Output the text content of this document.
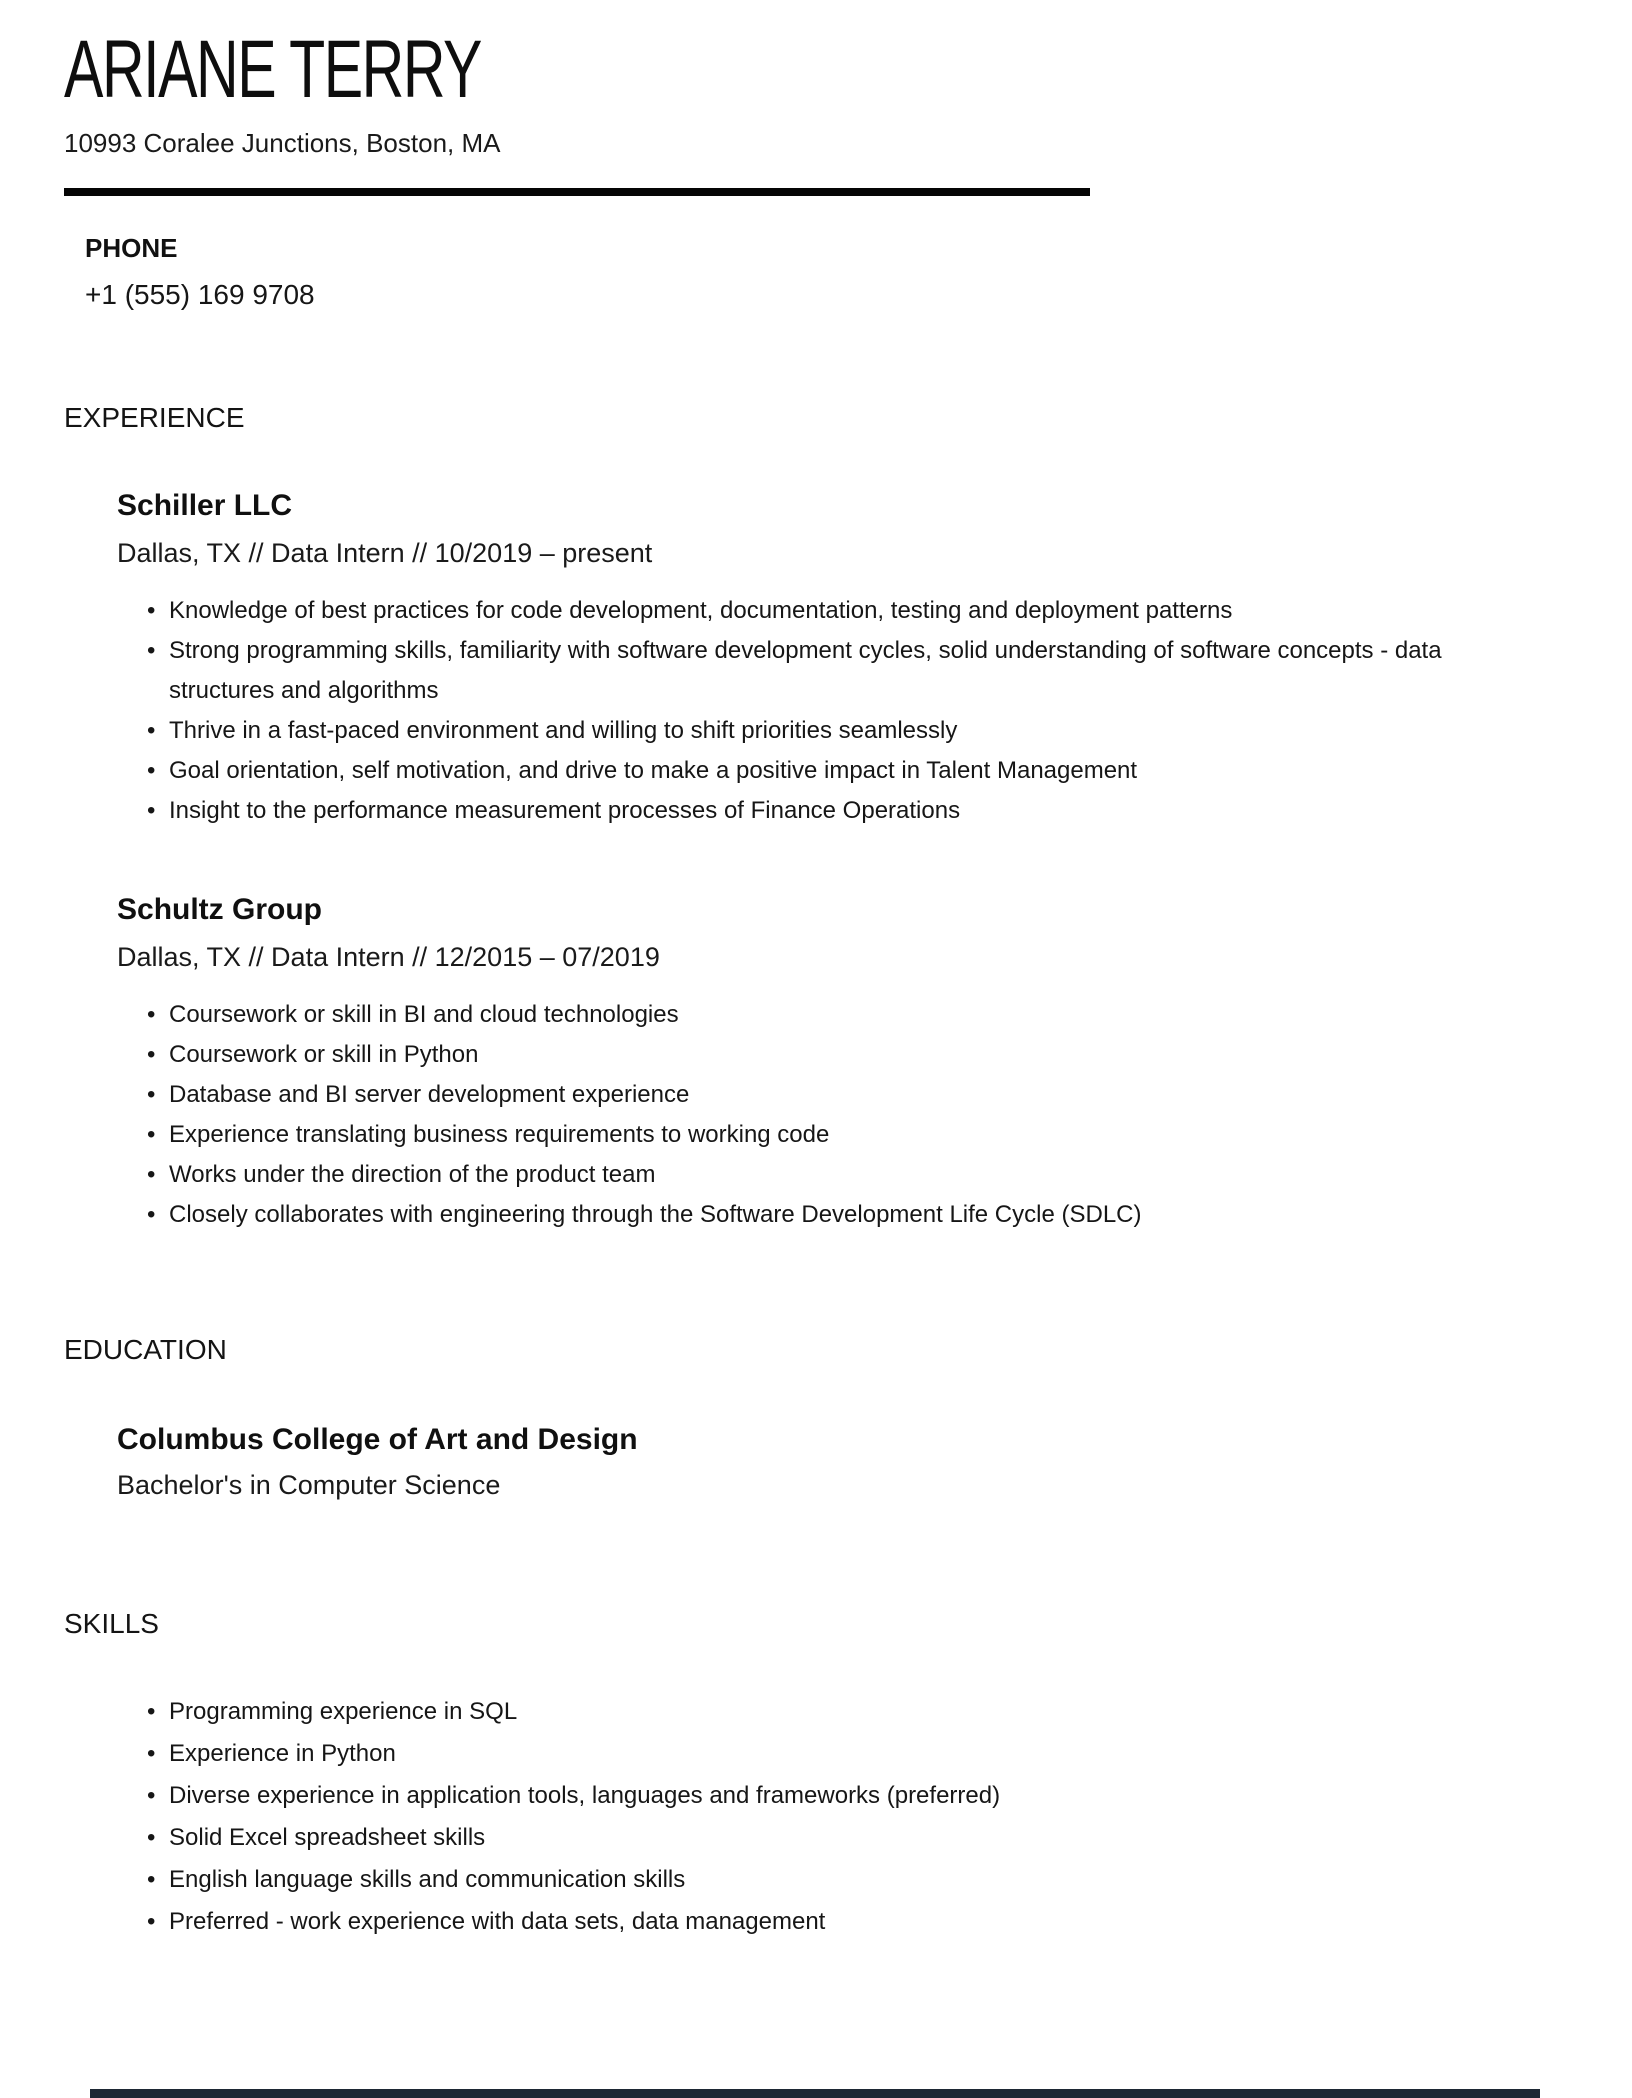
ARIANE TERRY
10993 Coralee Junctions, Boston, MA
PHONE
+1 (555) 169 9708
EXPERIENCE
Schiller LLC
Dallas, TX // Data Intern // 10/2019 – present
• Knowledge of best practices for code development, documentation, testing and deployment patterns
• Strong programming skills, familiarity with software development cycles, solid understanding of software concepts - data structures and algorithms
• Thrive in a fast-paced environment and willing to shift priorities seamlessly
• Goal orientation, self motivation, and drive to make a positive impact in Talent Management
• Insight to the performance measurement processes of Finance Operations
Schultz Group
Dallas, TX // Data Intern // 12/2015 – 07/2019
• Coursework or skill in BI and cloud technologies
• Coursework or skill in Python
• Database and BI server development experience
• Experience translating business requirements to working code
• Works under the direction of the product team
• Closely collaborates with engineering through the Software Development Life Cycle (SDLC)
EDUCATION
Columbus College of Art and Design
Bachelor's in Computer Science
SKILLS
• Programming experience in SQL
• Experience in Python
• Diverse experience in application tools, languages and frameworks (preferred)
• Solid Excel spreadsheet skills
• English language skills and communication skills
• Preferred - work experience with data sets, data management
